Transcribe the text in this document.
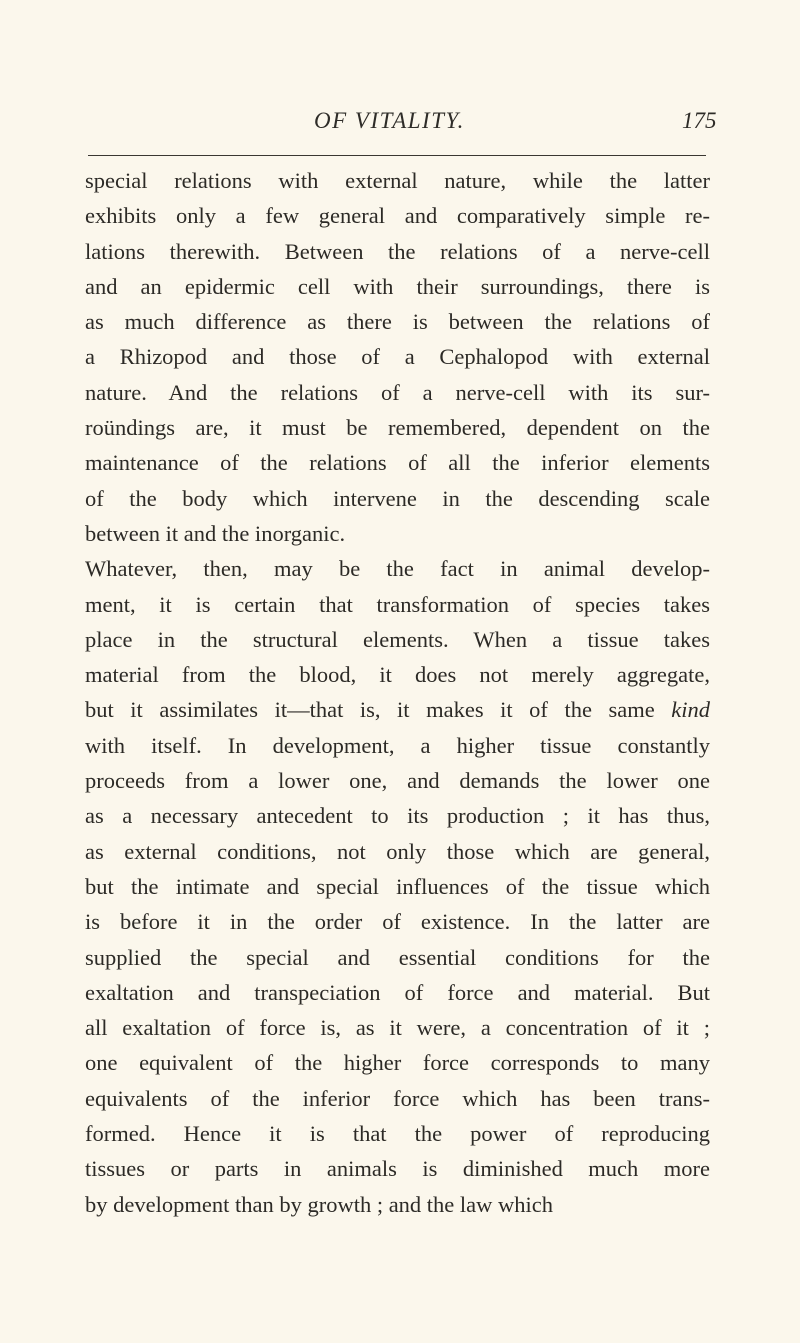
OF VITALITY.	175
special relations with external nature, while the latter
exhibits only a few general and comparatively simple re-
lations therewith. Between the relations of a nerve-cell
and an epidermic cell with their surroundings, there is
as much difference as there is between the relations of
a Rhizopod and those of a Cephalopod with external
nature. And the relations of a nerve-cell with its sur-
roündings are, it must be remembered, dependent on the
maintenance of the relations of all the inferior elements
of the body which intervene in the descending scale
between it and the inorganic.
Whatever, then, may be the fact in animal develop-
ment, it is certain that transformation of species takes
place in the structural elements. When a tissue takes
material from the blood, it does not merely aggregate,
but it assimilates it—that is, it makes it of the same kind
with itself. In development, a higher tissue constantly
proceeds from a lower one, and demands the lower one
as a necessary antecedent to its production ; it has thus,
as external conditions, not only those which are general,
but the intimate and special influences of the tissue which
is before it in the order of existence. In the latter are
supplied the special and essential conditions for the
exaltation and transpeciation of force and material. But
all exaltation of force is, as it were, a concentration of it ;
one equivalent of the higher force corresponds to many
equivalents of the inferior force which has been trans-
formed. Hence it is that the power of reproducing
tissues or parts in animals is diminished much more
by development than by growth ; and the law which
